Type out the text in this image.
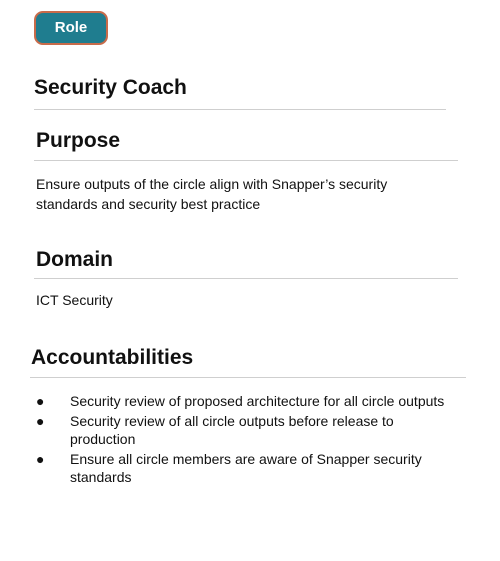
Role
Security Coach
Purpose
Ensure outputs of the circle align with Snapper’s security standards and security best practice
Domain
ICT Security
Accountabilities
● Security review of proposed architecture for all circle outputs
● Security review of all circle outputs before release to production
● Ensure all circle members are aware of Snapper security standards
